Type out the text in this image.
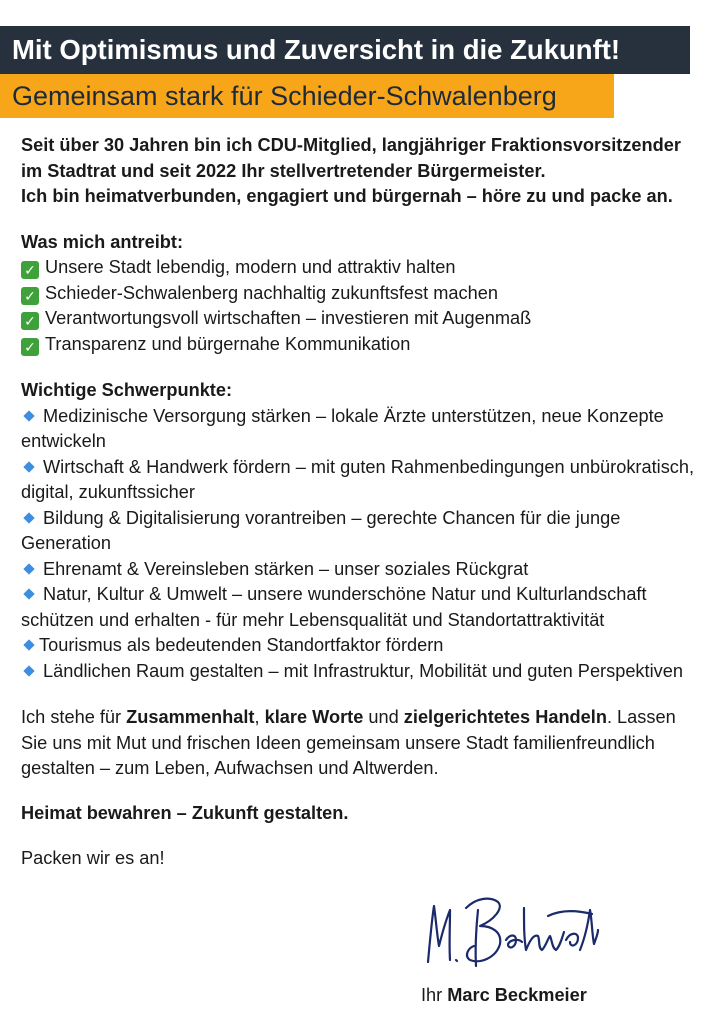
Mit Optimismus und Zuversicht in die Zukunft!
Gemeinsam stark für Schieder-Schwalenberg

Seit über 30 Jahren bin ich CDU-Mitglied, langjähriger Fraktionsvorsitzender im Stadtrat und seit 2022 Ihr stellvertretender Bürgermeister.

Ich bin heimatverbunden, engagiert und bürgernah – höre zu und packe an.

Was mich antreibt:

✓ Unsere Stadt lebendig, modern und attraktiv halten
✓ Schieder-Schwalenberg nachhaltig zukunftsfest machen
✓ Verantwortungsvoll wirtschaften – investieren mit Augenmaß
✓ Transparenz und bürgernahe Kommunikation

Wichtige Schwerpunkte:

Medizinische Versorgung stärken – lokale Ärzte unterstützen, neue Konzepte entwickeln
Wirtschaft & Handwerk fördern – mit guten Rahmenbedingungen unbürokratisch, digital, zukunftssicher
Bildung & Digitalisierung vorantreiben – gerechte Chancen für die junge Generation
Ehrenamt & Vereinsleben stärken – unser soziales Rückgrat
Natur, Kultur & Umwelt – unsere wunderschöne Natur und Kulturlandschaft schützen und erhalten - für mehr Lebensqualität und Standortattraktivität
Tourismus als bedeutenden Standortfaktor fördern
Ländlichen Raum gestalten – mit Infrastruktur, Mobilität und guten Perspektiven

Ich stehe für Zusammenhalt, klare Worte und zielgerichtetes Handeln. Lassen Sie uns mit Mut und frischen Ideen gemeinsam unsere Stadt familienfreundlich gestalten – zum Leben, Aufwachsen und Altwerden.

Heimat bewahren – Zukunft gestalten.

Packen wir es an!

Ihr Marc Beckmeier
